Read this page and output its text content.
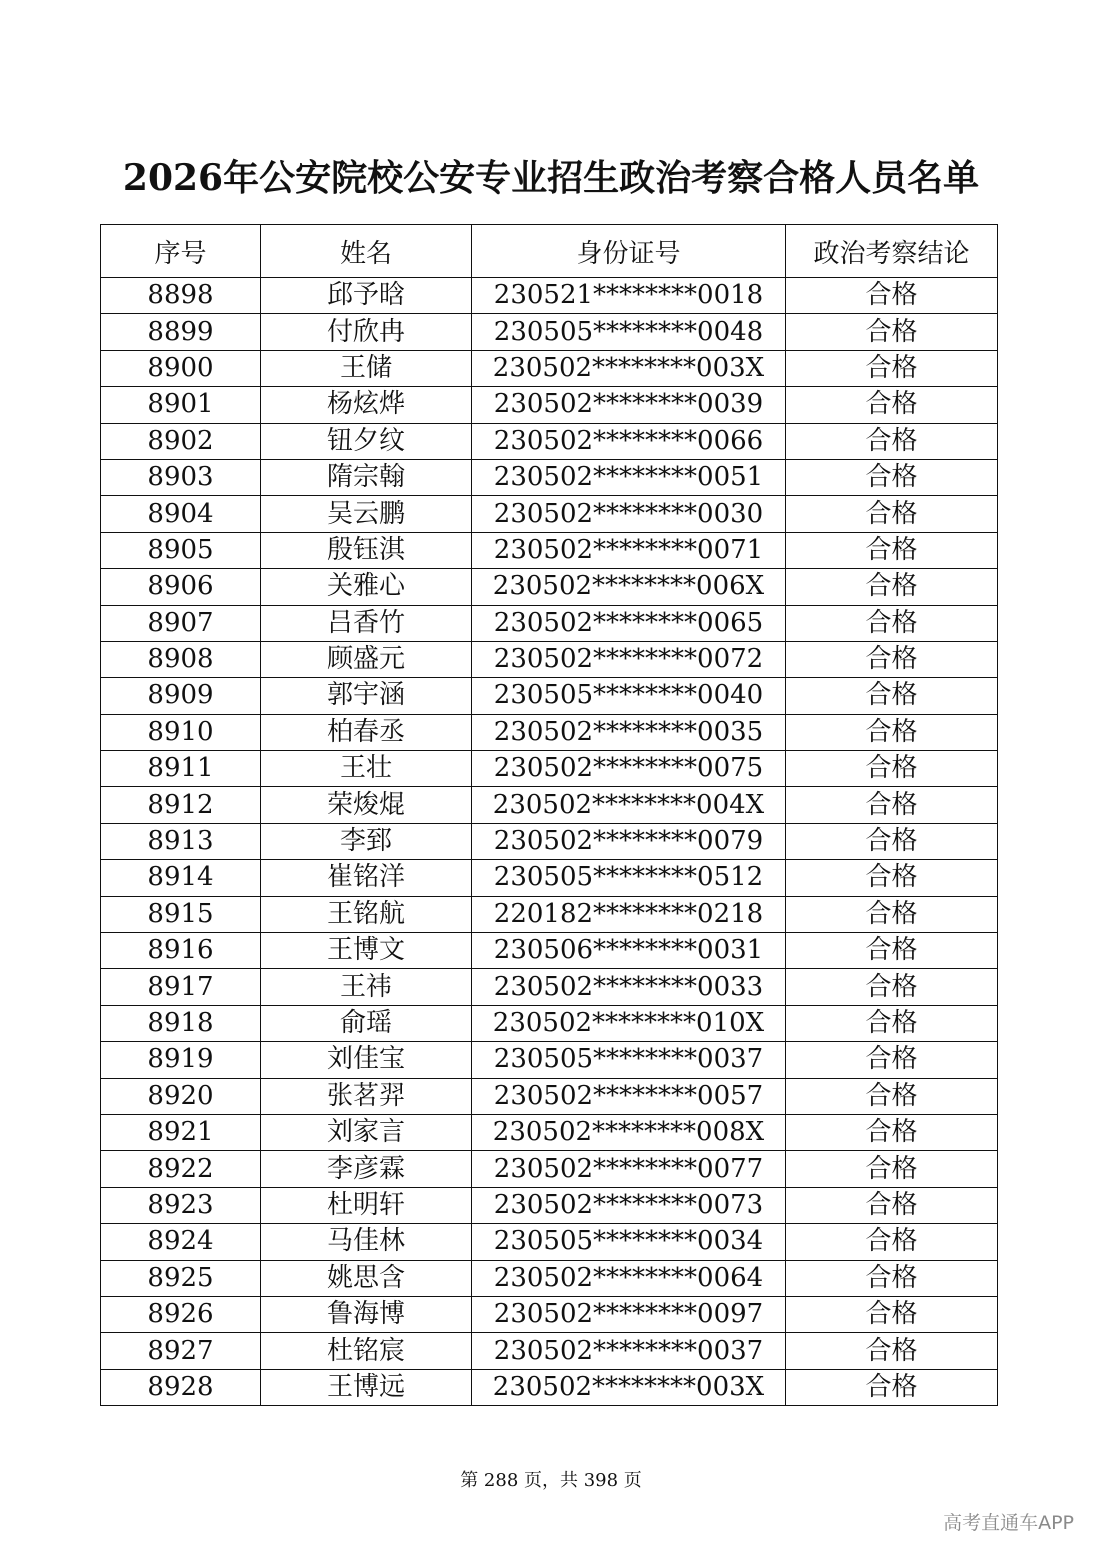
2026年公安院校公安专业招生政治考察合格人员名单
序号	姓名	身份证号	政治考察结论
8898	邱予晗	230521********0018	合格
8899	付欣冉	230505********0048	合格
8900	王储	230502********003X	合格
8901	杨炫烨	230502********0039	合格
8902	钮夕纹	230502********0066	合格
8903	隋宗翰	230502********0051	合格
8904	吴云鹏	230502********0030	合格
8905	殷钰淇	230502********0071	合格
8906	关雅心	230502********006X	合格
8907	吕香竹	230502********0065	合格
8908	顾盛元	230502********0072	合格
8909	郭宇涵	230505********0040	合格
8910	柏春丞	230502********0035	合格
8911	王壮	230502********0075	合格
8912	荣焌焜	230502********004X	合格
8913	李郅	230502********0079	合格
8914	崔铭洋	230505********0512	合格
8915	王铭航	220182********0218	合格
8916	王博文	230506********0031	合格
8917	王祎	230502********0033	合格
8918	俞瑶	230502********010X	合格
8919	刘佳宝	230505********0037	合格
8920	张茗羿	230502********0057	合格
8921	刘家言	230502********008X	合格
8922	李彦霖	230502********0077	合格
8923	杜明轩	230502********0073	合格
8924	马佳林	230505********0034	合格
8925	姚思含	230502********0064	合格
8926	鲁海博	230502********0097	合格
8927	杜铭宸	230502********0037	合格
8928	王博远	230502********003X	合格
第 288 页，共 398 页
高考直通车APP
